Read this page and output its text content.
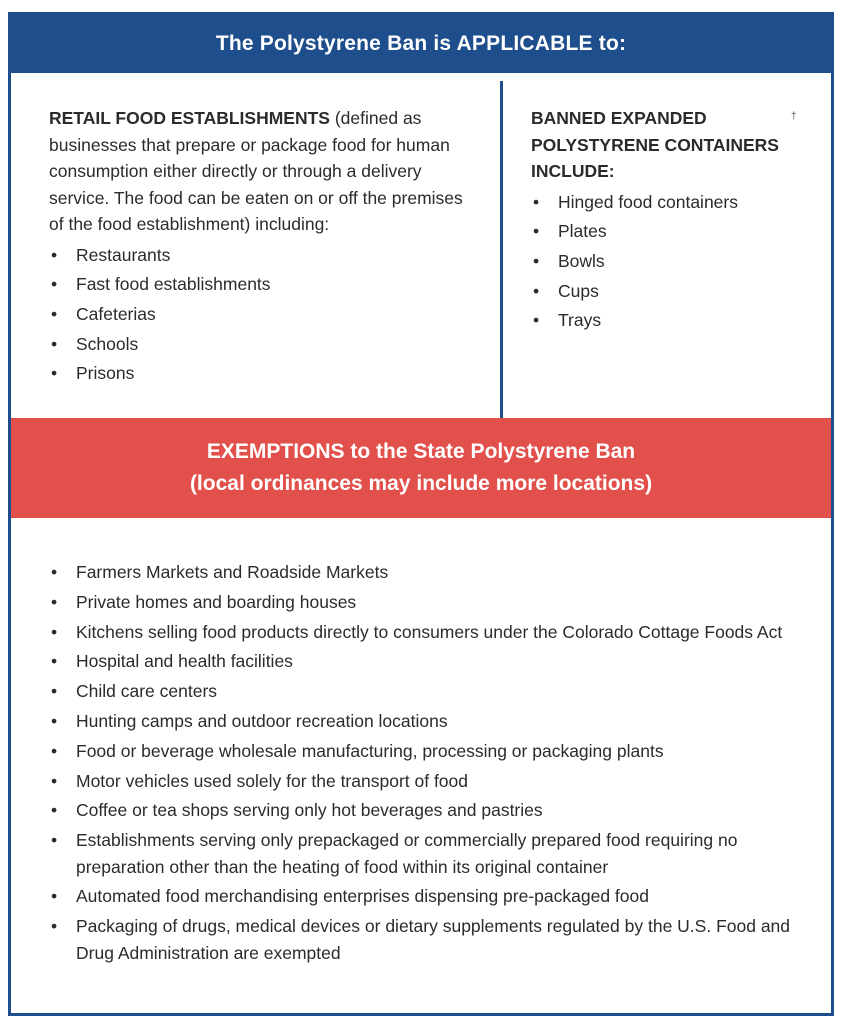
The Polystyrene Ban is APPLICABLE to:
RETAIL FOOD ESTABLISHMENTS (defined as businesses that prepare or package food for human consumption either directly or through a delivery service. The food can be eaten on or off the premises of the food establishment) including:
• Restaurants
• Fast food establishments
• Cafeterias
• Schools
• Prisons
BANNED EXPANDED POLYSTYRENE CONTAINERS INCLUDE:
• Hinged food containers
• Plates
• Bowls
• Cups
• Trays
†
EXEMPTIONS to the State Polystyrene Ban
(local ordinances may include more locations)
• Farmers Markets and Roadside Markets
• Private homes and boarding houses
• Kitchens selling food products directly to consumers under the Colorado Cottage Foods Act
• Hospital and health facilities
• Child care centers
• Hunting camps and outdoor recreation locations
• Food or beverage wholesale manufacturing, processing or packaging plants
• Motor vehicles used solely for the transport of food
• Coffee or tea shops serving only hot beverages and pastries
• Establishments serving only prepackaged or commercially prepared food requiring no preparation other than the heating of food within its original container
• Automated food merchandising enterprises dispensing pre-packaged food
• Packaging of drugs, medical devices or dietary supplements regulated by the U.S. Food and Drug Administration are exempted
